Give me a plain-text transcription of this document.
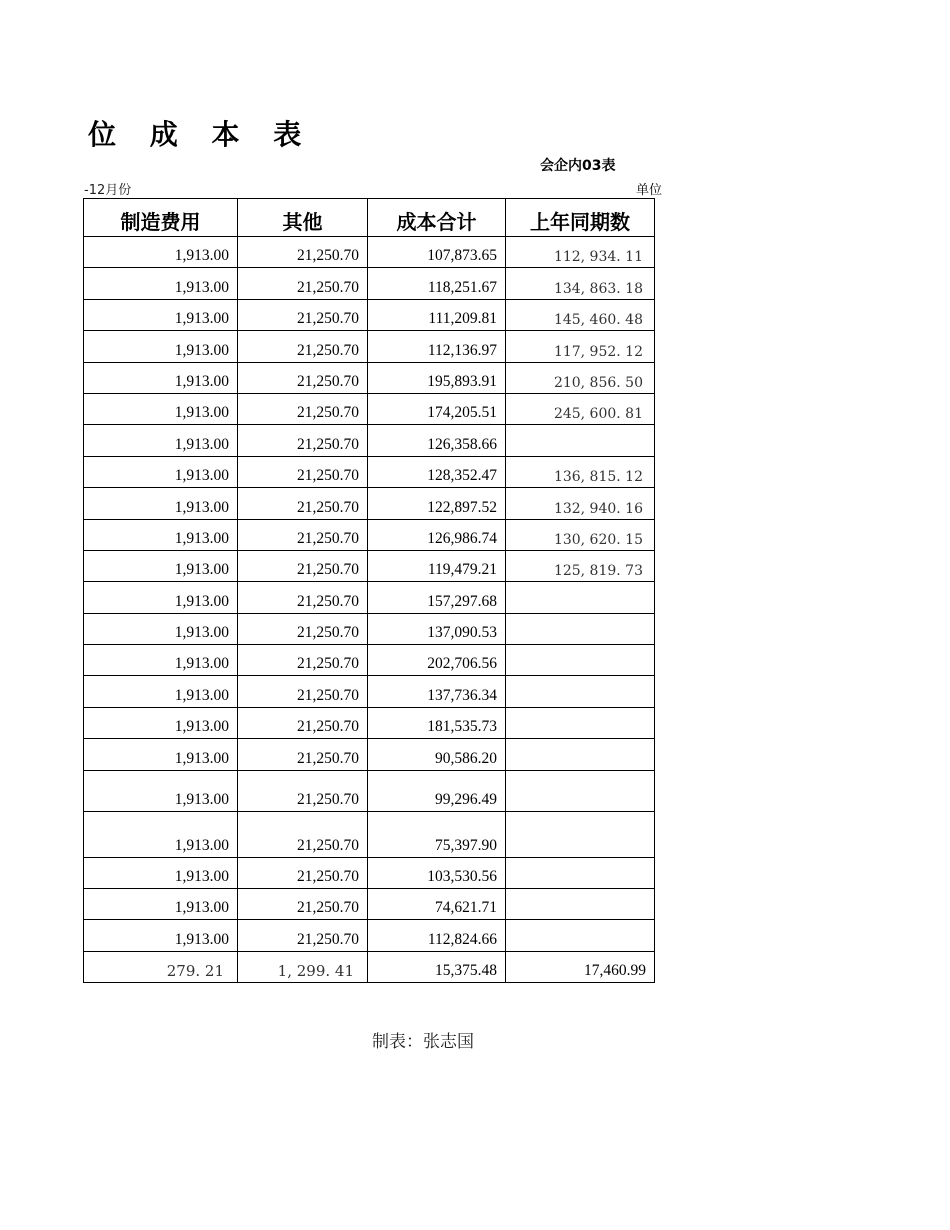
位 成 本 表
会企内03表
-12月份	单位
制造费用	其他	成本合计	上年同期数
1,913.00	21,250.70	107,873.65	112, 934. 11
1,913.00	21,250.70	118,251.67	134, 863. 18
1,913.00	21,250.70	111,209.81	145, 460. 48
1,913.00	21,250.70	112,136.97	117, 952. 12
1,913.00	21,250.70	195,893.91	210, 856. 50
1,913.00	21,250.70	174,205.51	245, 600. 81
1,913.00	21,250.70	126,358.66	
1,913.00	21,250.70	128,352.47	136, 815. 12
1,913.00	21,250.70	122,897.52	132, 940. 16
1,913.00	21,250.70	126,986.74	130, 620. 15
1,913.00	21,250.70	119,479.21	125, 819. 73
1,913.00	21,250.70	157,297.68	
1,913.00	21,250.70	137,090.53	
1,913.00	21,250.70	202,706.56	
1,913.00	21,250.70	137,736.34	
1,913.00	21,250.70	181,535.73	
1,913.00	21,250.70	90,586.20	
1,913.00	21,250.70	99,296.49	
1,913.00	21,250.70	75,397.90	
1,913.00	21,250.70	103,530.56	
1,913.00	21,250.70	74,621.71	
1,913.00	21,250.70	112,824.66	
279. 21	1, 299. 41	15,375.48	17,460.99
制表：张志国
